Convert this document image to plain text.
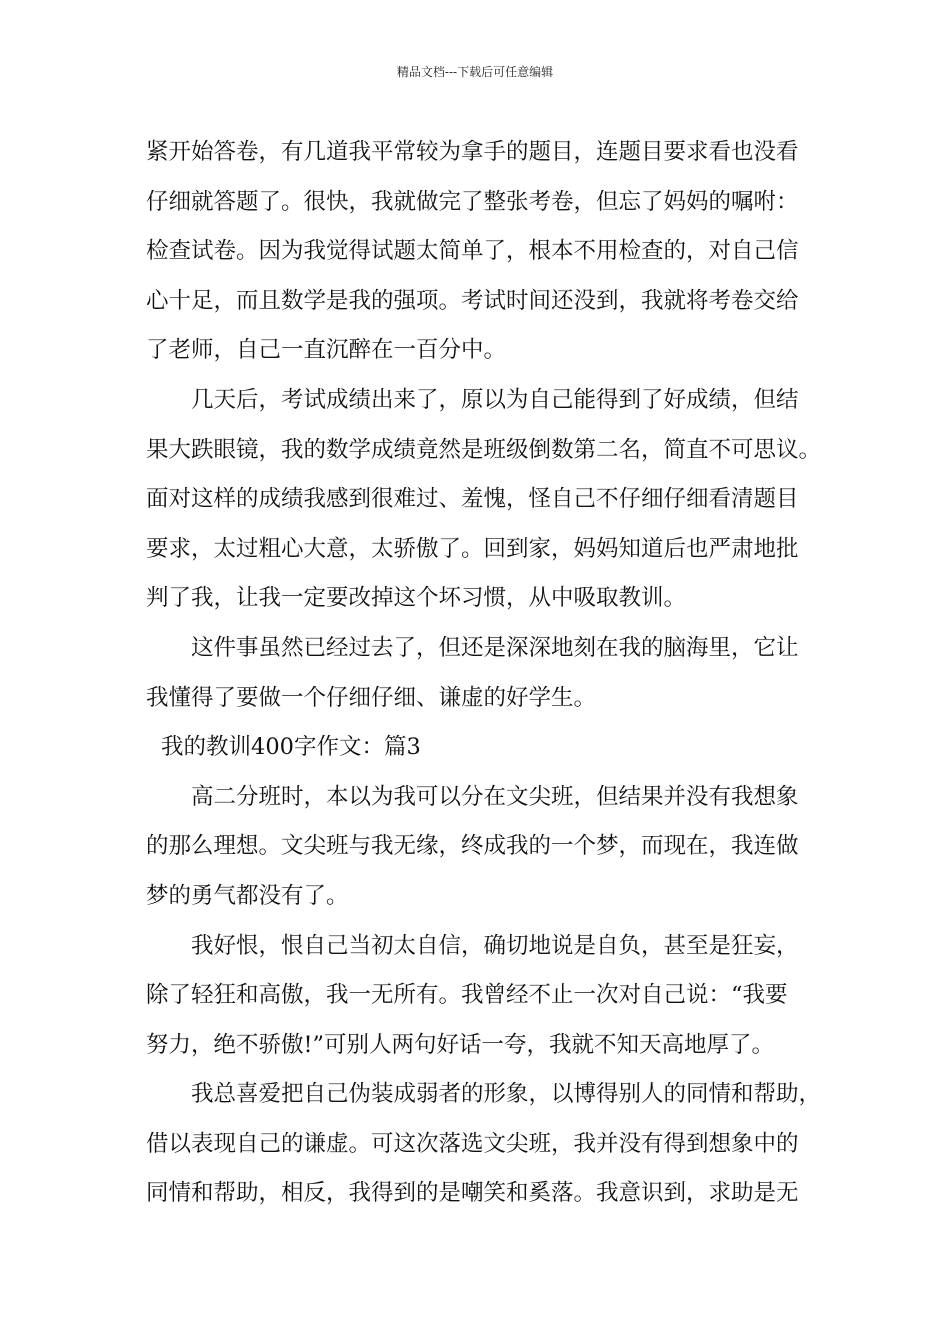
精品文档---下载后可任意编辑
紧开始答卷，有几道我平常较为拿手的题目，连题目要求看也没看
仔细就答题了。很快，我就做完了整张考卷，但忘了妈妈的嘱咐：
检查试卷。因为我觉得试题太简单了，根本不用检查的，对自己信
心十足，而且数学是我的强项。考试时间还没到，我就将考卷交给
了老师，自己一直沉醉在一百分中。
几天后，考试成绩出来了，原以为自己能得到了好成绩，但结
果大跌眼镜，我的数学成绩竟然是班级倒数第二名，简直不可思议。
面对这样的成绩我感到很难过、羞愧，怪自己不仔细仔细看清题目
要求，太过粗心大意，太骄傲了。回到家，妈妈知道后也严肃地批
判了我，让我一定要改掉这个坏习惯，从中吸取教训。
这件事虽然已经过去了，但还是深深地刻在我的脑海里，它让
我懂得了要做一个仔细仔细、谦虚的好学生。
我的教训400字作文：篇3
高二分班时，本以为我可以分在文尖班，但结果并没有我想象
的那么理想。文尖班与我无缘，终成我的一个梦，而现在，我连做
梦的勇气都没有了。
我好恨，恨自己当初太自信，确切地说是自负，甚至是狂妄，
除了轻狂和高傲，我一无所有。我曾经不止一次对自己说：“我要
努力，绝不骄傲!”可别人两句好话一夸，我就不知天高地厚了。
我总喜爱把自己伪装成弱者的形象，以博得别人的同情和帮助，
借以表现自己的谦虚。可这次落选文尖班，我并没有得到想象中的
同情和帮助，相反，我得到的是嘲笑和奚落。我意识到，求助是无
